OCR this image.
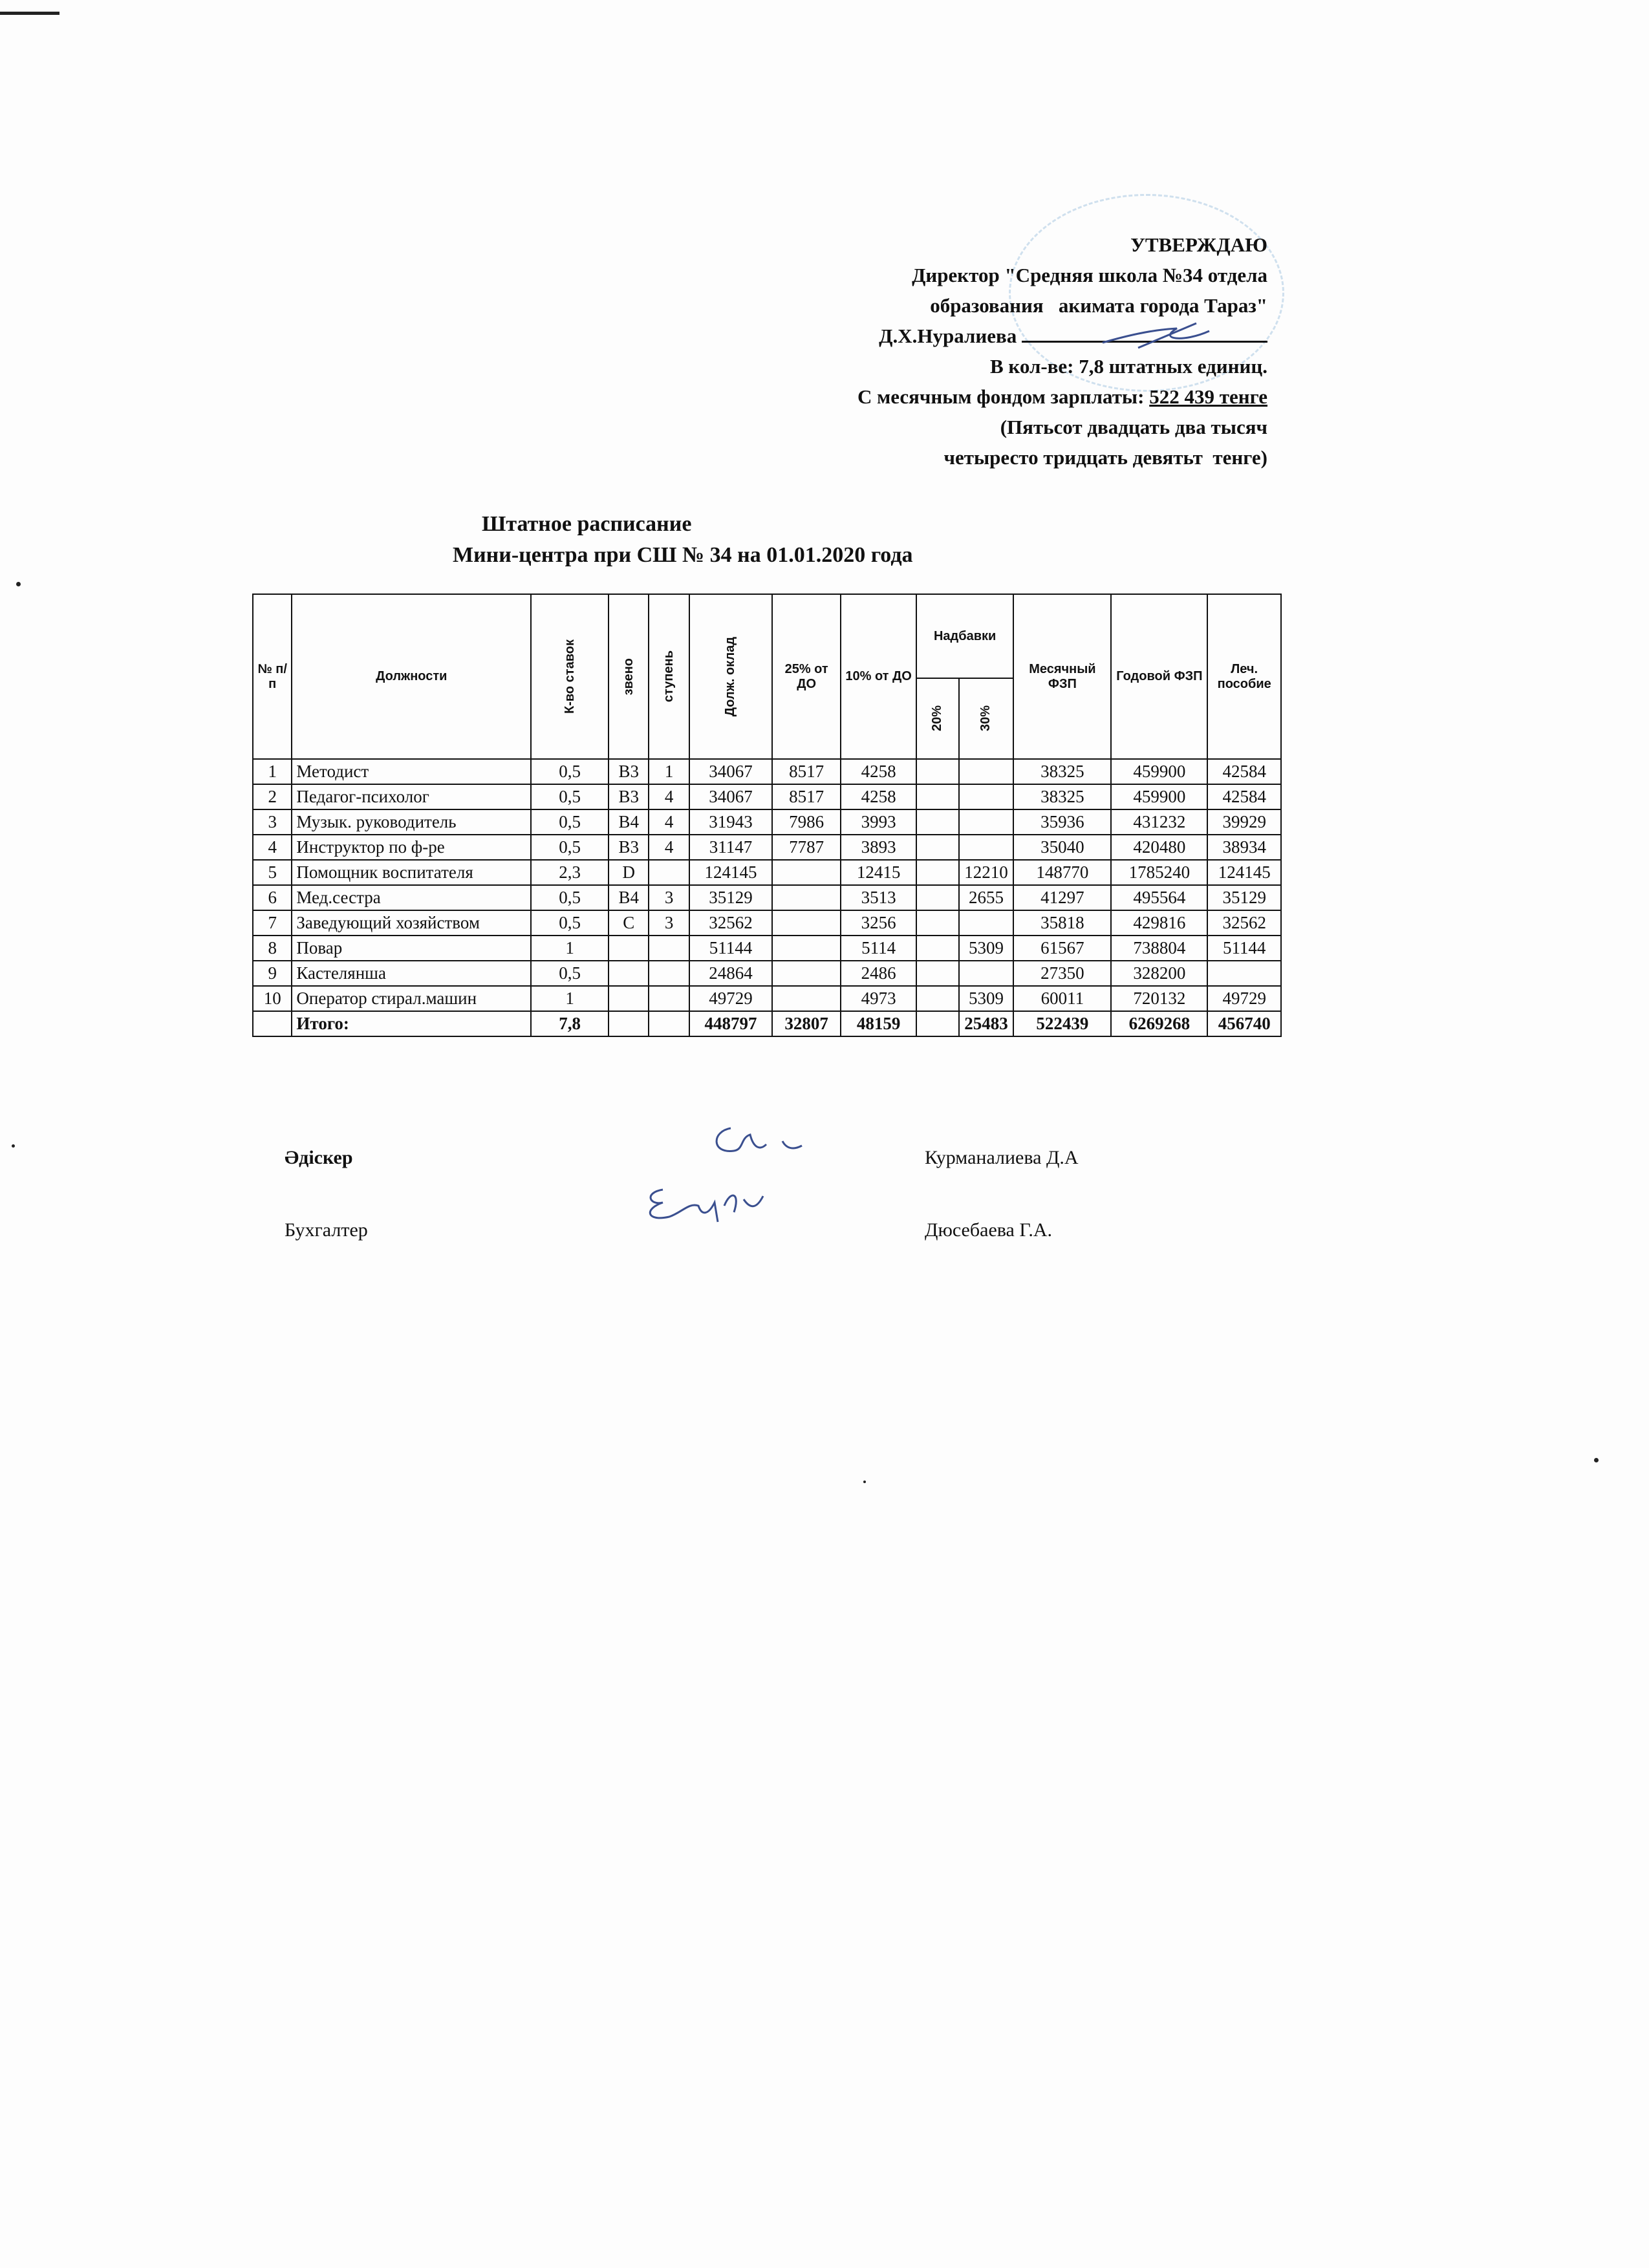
УТВЕРЖДАЮ
Директор "Средняя школа №34 отдела
образования   акимата города Тараз"
Д.Х.Нуралиева
В кол-ве: 7,8 штатных единиц.
С месячным фондом зарплаты: 522 439 тенге
(Пятьсот двадцать два тысяч
четыресто тридцать девятьт  тенге)
Штатное расписание
Мини-центра при СШ № 34 на 01.01.2020 года
№ п/п	Должности	К-во ставок	звено	ступень	Долж. оклад	25% от ДО	10% от ДО	Надбавки		Месячный ФЗП	Годовой ФЗП	Леч. пособие

								20%	30%			

1	Методист	0,5	В3	1	34067	8517	4258			38325	459900	42584
2	Педагог-психолог	0,5	В3	4	34067	8517	4258			38325	459900	42584
3	Музык. руководитель	0,5	В4	4	31943	7986	3993			35936	431232	39929
4	Инструктор по ф-ре	0,5	В3	4	31147	7787	3893			35040	420480	38934
5	Помощник воспитателя	2,3	D		124145		12415		12210	148770	1785240	124145
6	Мед.сестра	0,5	В4	3	35129		3513		2655	41297	495564	35129
7	Заведующий хозяйством	0,5	С	3	32562		3256			35818	429816	32562
8	Повар	1			51144		5114		5309	61567	738804	51144
9	Кастелянша	0,5			24864		2486			27350	328200	
10	Оператор стирал.машин	1			49729		4973		5309	60011	720132	49729
	Итого:	7,8			448797	32807	48159		25483	522439	6269268	456740
Әдіскер	Курманалиева Д.А
Бухгалтер	Дюсебаева Г.А.
